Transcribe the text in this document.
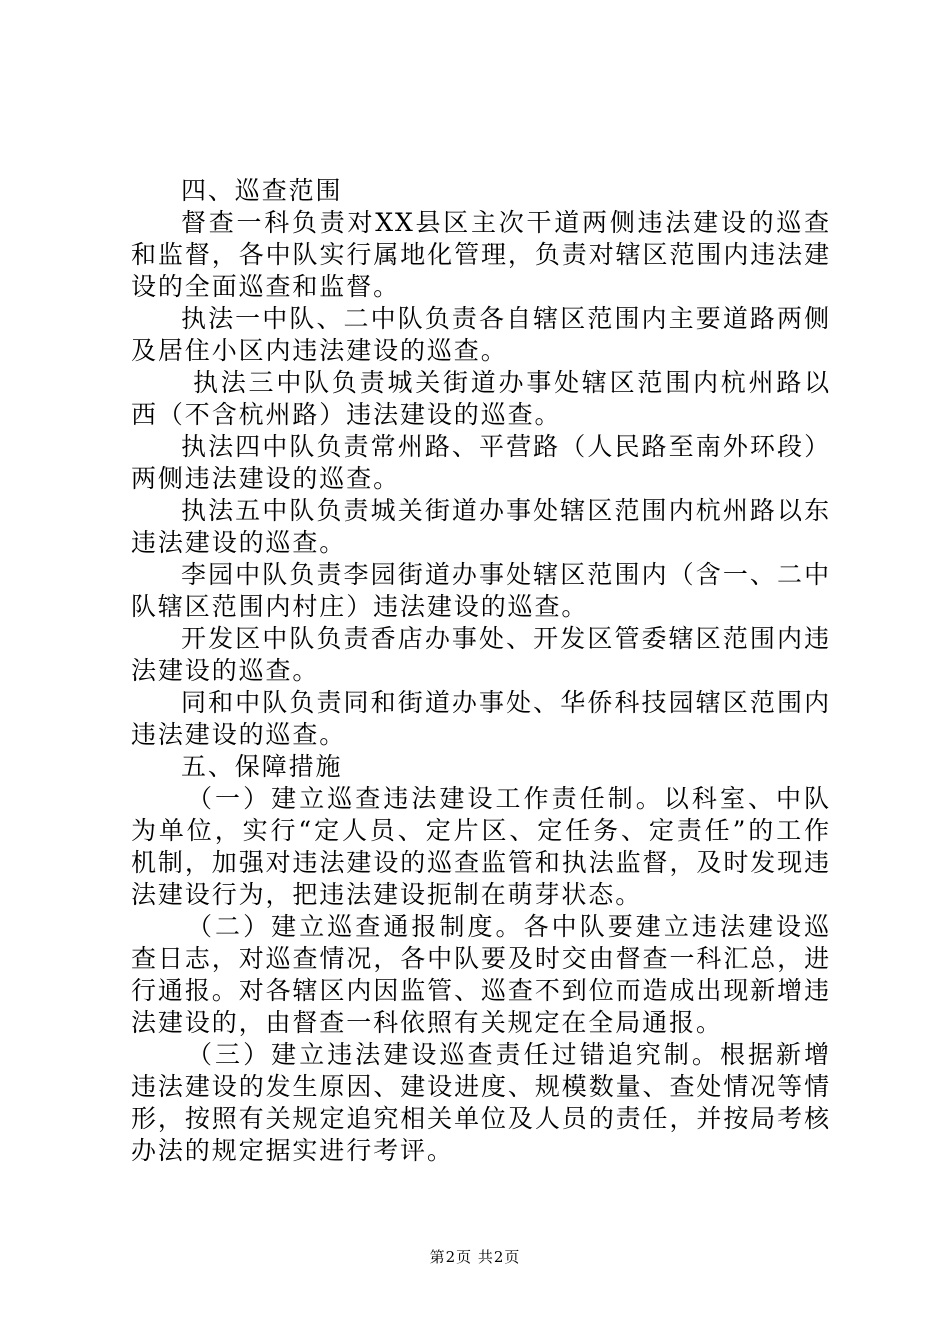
四、巡查范围

督查一科负责对XX县区主次干道两侧违法建设的巡查和监督，各中队实行属地化管理，负责对辖区范围内违法建设的全面巡查和监督。

执法一中队、二中队负责各自辖区范围内主要道路两侧及居住小区内违法建设的巡查。

执法三中队负责城关街道办事处辖区范围内杭州路以西（不含杭州路）违法建设的巡查。

执法四中队负责常州路、平营路（人民路至南外环段）两侧违法建设的巡查。

执法五中队负责城关街道办事处辖区范围内杭州路以东违法建设的巡查。

李园中队负责李园街道办事处辖区范围内（含一、二中队辖区范围内村庄）违法建设的巡查。

开发区中队负责香店办事处、开发区管委辖区范围内违法建设的巡查。

同和中队负责同和街道办事处、华侨科技园辖区范围内违法建设的巡查。

五、保障措施

（一）建立巡查违法建设工作责任制。以科室、中队为单位，实行“定人员、定片区、定任务、定责任”的工作机制，加强对违法建设的巡查监管和执法监督，及时发现违法建设行为，把违法建设扼制在萌芽状态。

（二）建立巡查通报制度。各中队要建立违法建设巡查日志，对巡查情况，各中队要及时交由督查一科汇总，进行通报。对各辖区内因监管、巡查不到位而造成出现新增违法建设的，由督查一科依照有关规定在全局通报。

（三）建立违法建设巡查责任过错追究制。根据新增违法建设的发生原因、建设进度、规模数量、查处情况等情形，按照有关规定追究相关单位及人员的责任，并按局考核办法的规定据实进行考评。

第2页 共2页
